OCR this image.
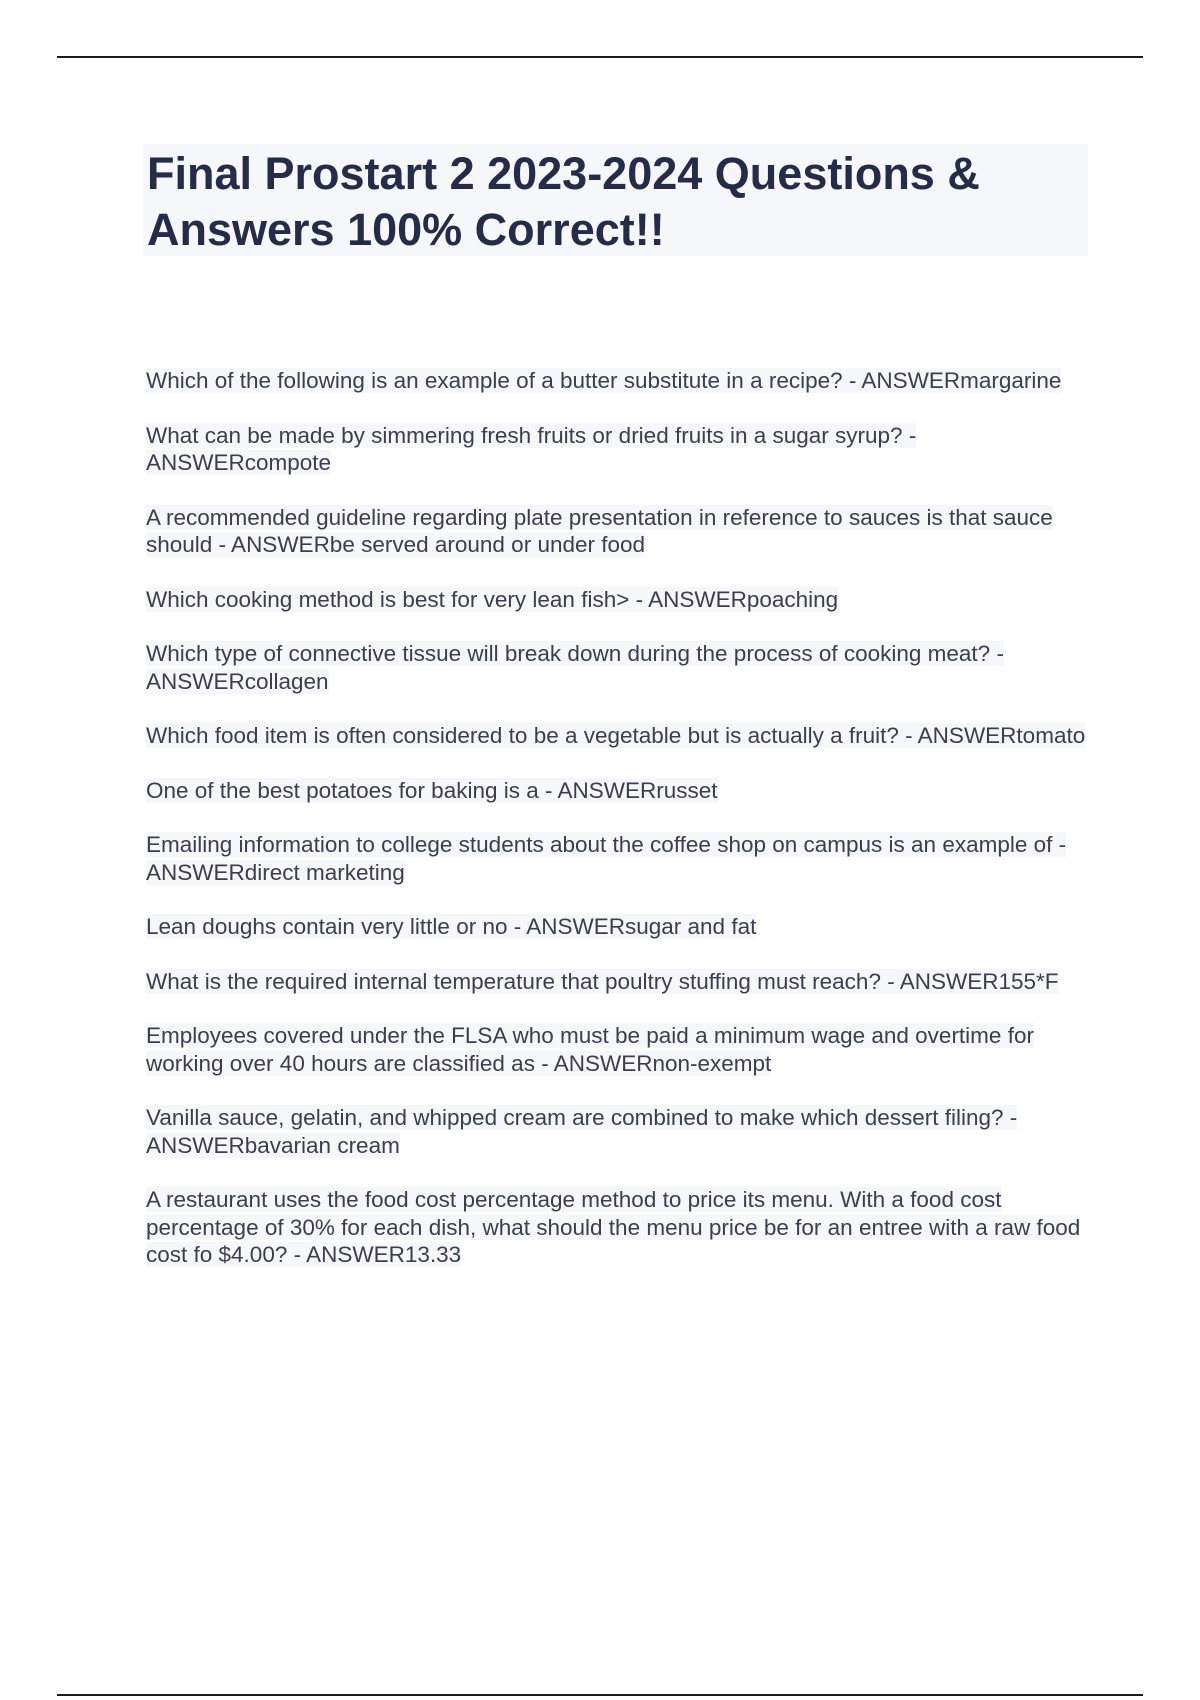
Final Prostart 2 2023-2024 Questions & Answers 100% Correct!!
Which of the following is an example of a butter substitute in a recipe? - ANSWERmargarine
What can be made by simmering fresh fruits or dried fruits in a sugar syrup? - ANSWERcompote
A recommended guideline regarding plate presentation in reference to sauces is that sauce should - ANSWERbe served around or under food
Which cooking method is best for very lean fish> - ANSWERpoaching
Which type of connective tissue will break down during the process of cooking meat? - ANSWERcollagen
Which food item is often considered to be a vegetable but is actually a fruit? - ANSWERtomato
One of the best potatoes for baking is a - ANSWERrusset
Emailing information to college students about the coffee shop on campus is an example of - ANSWERdirect marketing
Lean doughs contain very little or no - ANSWERsugar and fat
What is the required internal temperature that poultry stuffing must reach? - ANSWER155*F
Employees covered under the FLSA who must be paid a minimum wage and overtime for working over 40 hours are classified as - ANSWERnon-exempt
Vanilla sauce, gelatin, and whipped cream are combined to make which dessert filing? - ANSWERbavarian cream
A restaurant uses the food cost percentage method to price its menu. With a food cost percentage of 30% for each dish, what should the menu price be for an entree with a raw food cost fo $4.00? - ANSWER13.33
